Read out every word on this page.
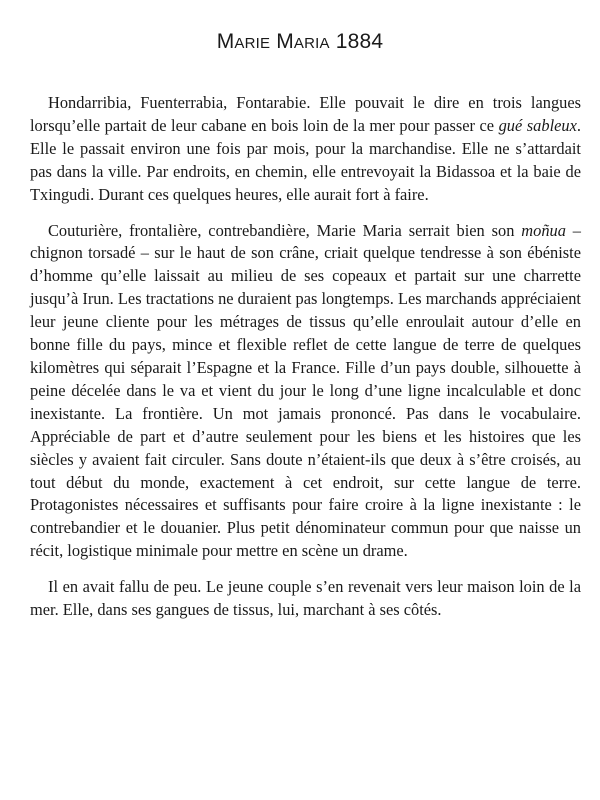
Marie Maria 1884

Hondarribia, Fuenterrabia, Fontarabie. Elle pouvait le dire en trois langues lorsqu’elle partait de leur cabane en bois loin de la mer pour passer ce gué sableux. Elle le passait environ une fois par mois, pour la marchandise. Elle ne s’attardait pas dans la ville. Par endroits, en chemin, elle entrevoyait la Bidassoa et la baie de Txingudi. Durant ces quelques heures, elle aurait fort à faire.

Couturière, frontalière, contrebandière, Marie Maria serrait bien son moñua – chignon torsadé – sur le haut de son crâne, criait quelque tendresse à son ébéniste d’homme qu’elle laissait au milieu de ses copeaux et partait sur une charrette jusqu’à Irun. Les tractations ne duraient pas longtemps. Les marchands appréciaient leur jeune cliente pour les métrages de tissus qu’elle enroulait autour d’elle en bonne fille du pays, mince et flexible reflet de cette langue de terre de quelques kilomètres qui séparait l’Espagne et la France. Fille d’un pays double, silhouette à peine décelée dans le va et vient du jour le long d’une ligne incalculable et donc inexistante. La frontière. Un mot jamais prononcé. Pas dans le vocabulaire. Appréciable de part et d’autre seulement pour les biens et les histoires que les siècles y avaient fait circuler. Sans doute n’étaient-ils que deux à s’être croisés, au tout début du monde, exactement à cet endroit, sur cette langue de terre. Protagonistes nécessaires et suffisants pour faire croire à la ligne inexistante : le contrebandier et le douanier. Plus petit dénominateur commun pour que naisse un récit, logistique minimale pour mettre en scène un drame.

Il en avait fallu de peu. Le jeune couple s’en revenait vers leur maison loin de la mer. Elle, dans ses gangues de tissus, lui, marchant à ses côtés.
